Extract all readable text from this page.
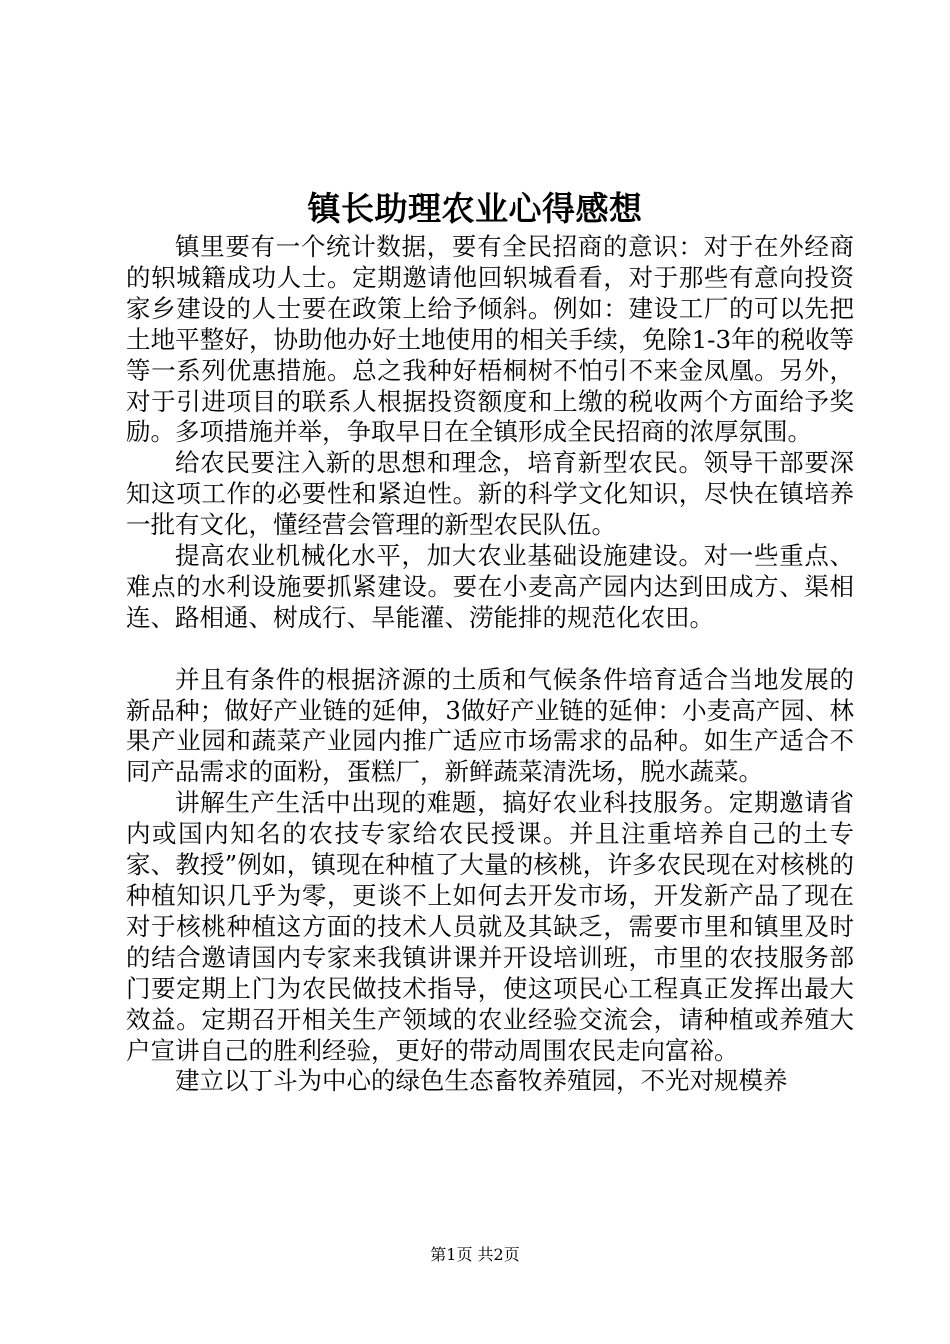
镇长助理农业心得感想

镇里要有一个统计数据，要有全民招商的意识：对于在外经商的轵城籍成功人士。定期邀请他回轵城看看，对于那些有意向投资家乡建设的人士要在政策上给予倾斜。例如：建设工厂的可以先把土地平整好，协助他办好土地使用的相关手续，免除1-3年的税收等等一系列优惠措施。总之我种好梧桐树不怕引不来金凤凰。另外，对于引进项目的联系人根据投资额度和上缴的税收两个方面给予奖励。多项措施并举，争取早日在全镇形成全民招商的浓厚氛围。

给农民要注入新的思想和理念，培育新型农民。领导干部要深知这项工作的必要性和紧迫性。新的科学文化知识，尽快在镇培养一批有文化，懂经营会管理的新型农民队伍。

提高农业机械化水平，加大农业基础设施建设。对一些重点、难点的水利设施要抓紧建设。要在小麦高产园内达到田成方、渠相连、路相通、树成行、旱能灌、涝能排的规范化农田。

并且有条件的根据济源的土质和气候条件培育适合当地发展的新品种；做好产业链的延伸，3做好产业链的延伸：小麦高产园、林果产业园和蔬菜产业园内推广适应市场需求的品种。如生产适合不同产品需求的面粉，蛋糕厂，新鲜蔬菜清洗场，脱水蔬菜。

讲解生产生活中出现的难题，搞好农业科技服务。定期邀请省内或国内知名的农技专家给农民授课。并且注重培养自己的土专家、教授”例如，镇现在种植了大量的核桃，许多农民现在对核桃的种植知识几乎为零，更谈不上如何去开发市场，开发新产品了现在对于核桃种植这方面的技术人员就及其缺乏，需要市里和镇里及时的结合邀请国内专家来我镇讲课并开设培训班，市里的农技服务部门要定期上门为农民做技术指导，使这项民心工程真正发挥出最大效益。定期召开相关生产领域的农业经验交流会，请种植或养殖大户宣讲自己的胜利经验，更好的带动周围农民走向富裕。

建立以丁斗为中心的绿色生态畜牧养殖园，不光对规模养

第1页 共2页
